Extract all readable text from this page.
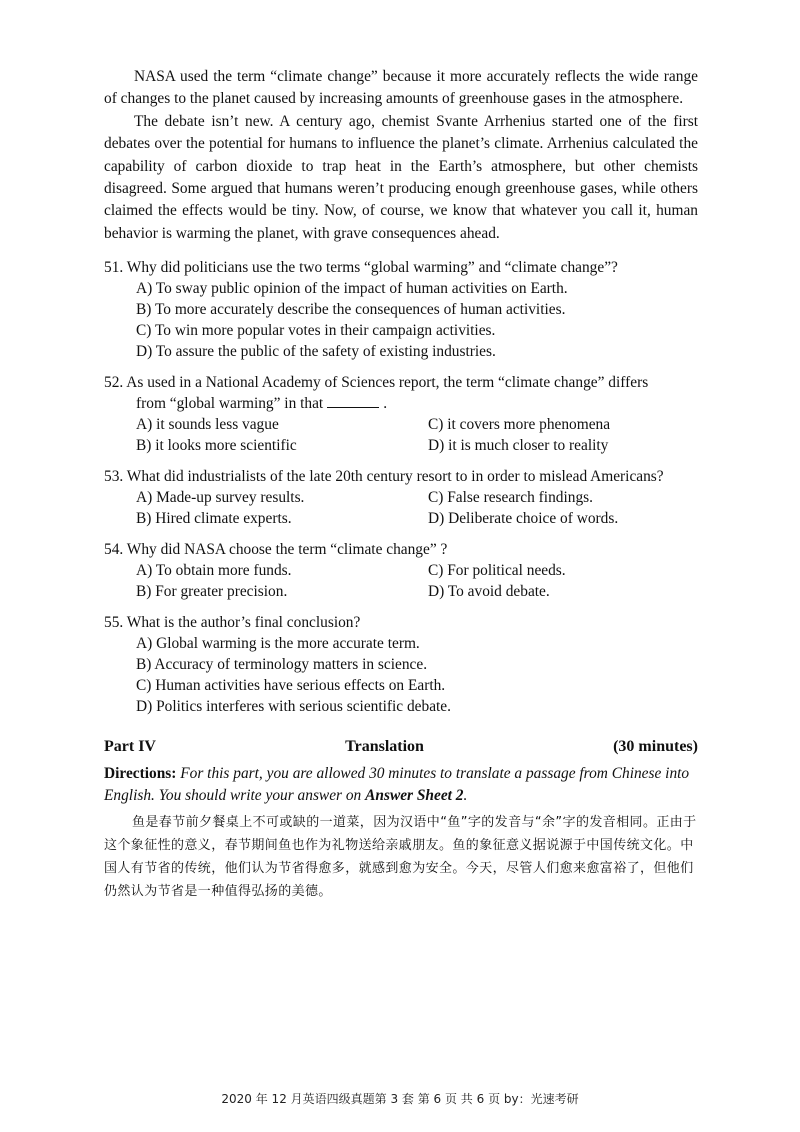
NASA used the term “climate change” because it more accurately reflects the wide range of changes to the planet caused by increasing amounts of greenhouse gases in the atmosphere.

The debate isn’t new. A century ago, chemist Svante Arrhenius started one of the first debates over the potential for humans to influence the planet’s climate. Arrhenius calculated the capability of carbon dioxide to trap heat in the Earth’s atmosphere, but other chemists disagreed. Some argued that humans weren’t producing enough greenhouse gases, while others claimed the effects would be tiny. Now, of course, we know that whatever you call it, human behavior is warming the planet, with grave consequences ahead.

51. Why did politicians use the two terms “global warming” and “climate change”?
A) To sway public opinion of the impact of human activities on Earth.
B) To more accurately describe the consequences of human activities.
C) To win more popular votes in their campaign activities.
D) To assure the public of the safety of existing industries.
52. As used in a National Academy of Sciences report, the term “climate change” differs
from “global warming” in that	.
A) it sounds less vague	C) it covers more phenomena
B) it looks more scientific	D) it is much closer to reality
53. What did industrialists of the late 20th century resort to in order to mislead Americans?
A) Made-up survey results.	C) False research findings.
B) Hired climate experts.	D) Deliberate choice of words.
54. Why did NASA choose the term “climate change” ?
A) To obtain more funds.	C) For political needs.
B) For greater precision.	D) To avoid debate.
55. What is the author’s final conclusion?
A) Global warming is the more accurate term.
B) Accuracy of terminology matters in science.
C) Human activities have serious effects on Earth.
D) Politics interferes with serious scientific debate.
Part IV	Translation	(30 minutes)
Directions: For this part, you are allowed 30 minutes to translate a passage from Chinese into English. You should write your answer on Answer Sheet 2.
鱼是春节前夕餐桌上不可或缺的一道菜，因为汉语中“鱼”字的发音与“余”字的发音相同。正由于这个象征性的意义，春节期间鱼也作为礼物送给亲戚朋友。鱼的象征意义据说源于中国传统文化。中国人有节省的传统，他们认为节省得愈多，就感到愈为安全。今天，尽管人们愈来愈富裕了，但他们仍然认为节省是一种值得弘扬的美德。
2020 年 12 月英语四级真题第 3 套 第 6 页 共 6 页 by：光速考研
